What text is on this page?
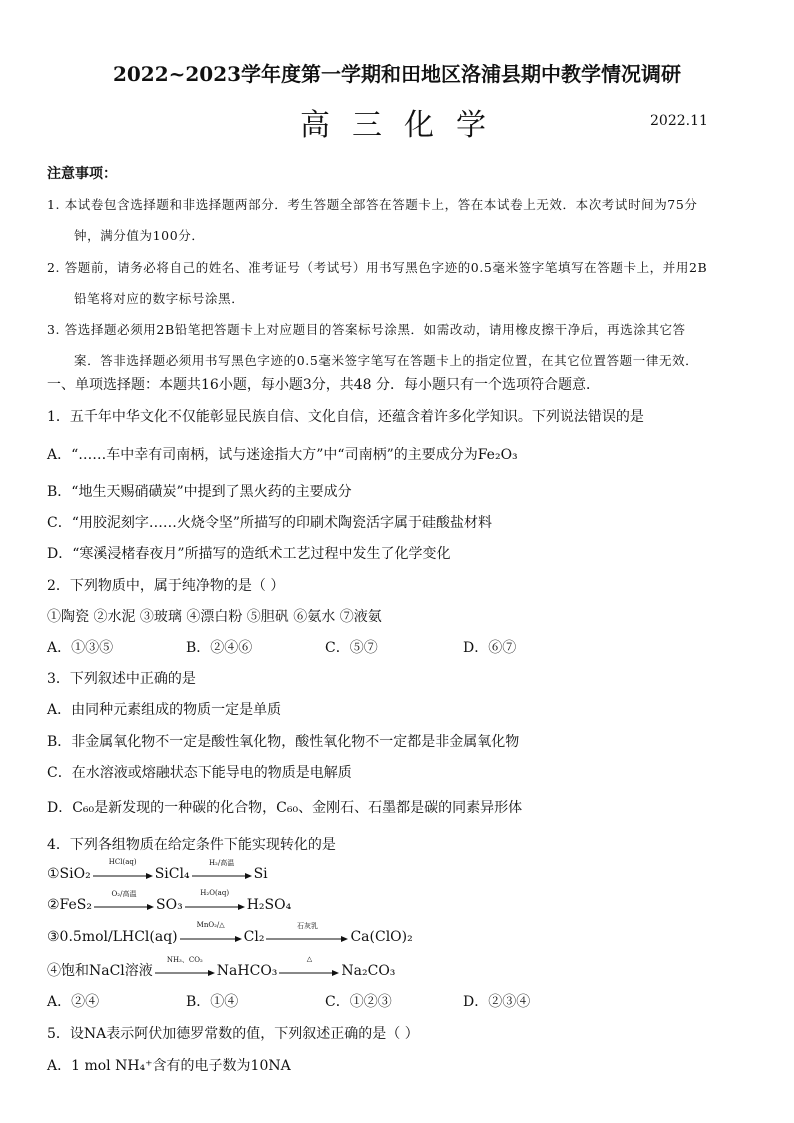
2022~2023学年度第一学期和田地区洛浦县期中教学情况调研
高三化学	2022.11
注意事项：
1. 本试卷包含选择题和非选择题两部分．考生答题全部答在答题卡上，答在本试卷上无效．本次考试时间为75分
钟，满分值为100分．
2. 答题前，请务必将自己的姓名、准考证号（考试号）用书写黑色字迹的0.5毫米签字笔填写在答题卡上，并用2B
铅笔将对应的数字标号涂黑．
3. 答选择题必须用2B铅笔把答题卡上对应题目的答案标号涂黑．如需改动，请用橡皮擦干净后，再选涂其它答
案．答非选择题必须用书写黑色字迹的0.5毫米签字笔写在答题卡上的指定位置，在其它位置答题一律无效．
一、单项选择题：本题共16小题，每小题3分，共48 分．每小题只有一个选项符合题意．
1．五千年中华文化不仅能彰显民族自信、文化自信，还蕴含着许多化学知识。下列说法错误的是
A．“……车中幸有司南柄，试与迷途指大方”中“司南柄”的主要成分为Fe₂O₃
B．“地生天赐硝磺炭”中提到了黑火药的主要成分
C．“用胶泥刻字……火烧令坚”所描写的印刷术陶瓷活字属于硅酸盐材料
D．“寒溪浸楮春夜月”所描写的造纸术工艺过程中发生了化学变化
2．下列物质中，属于纯净物的是（ ）
①陶瓷 ②水泥 ③玻璃 ④漂白粉 ⑤胆矾 ⑥氨水 ⑦液氨
A．①③⑤	B．②④⑥	C．⑤⑦	D．⑥⑦
3．下列叙述中正确的是
A．由同种元素组成的物质一定是单质
B．非金属氧化物不一定是酸性氧化物，酸性氧化物不一定都是非金属氧化物
C．在水溶液或熔融状态下能导电的物质是电解质
D．C₆₀是新发现的一种碳的化合物，C₆₀、金刚石、石墨都是碳的同素异形体
4．下列各组物质在给定条件下能实现转化的是
①SiO₂
HCl(aq)
SiCl₄
H₂/高温
Si
②FeS₂
O₂/高温
SO₃
H₂O(aq)
H₂SO₄
③0.5mol/LHCl(aq)
MnO₂/△
Cl₂
石灰乳
Ca(ClO)₂
④饱和NaCl溶液
NH₃、CO₂
NaHCO₃
△
Na₂CO₃
A．②④	B．①④	C．①②③	D．②③④
5．设NA表示阿伏加德罗常数的值，下列叙述正确的是（ ）
A．1 mol NH₄⁺含有的电子数为10NA
